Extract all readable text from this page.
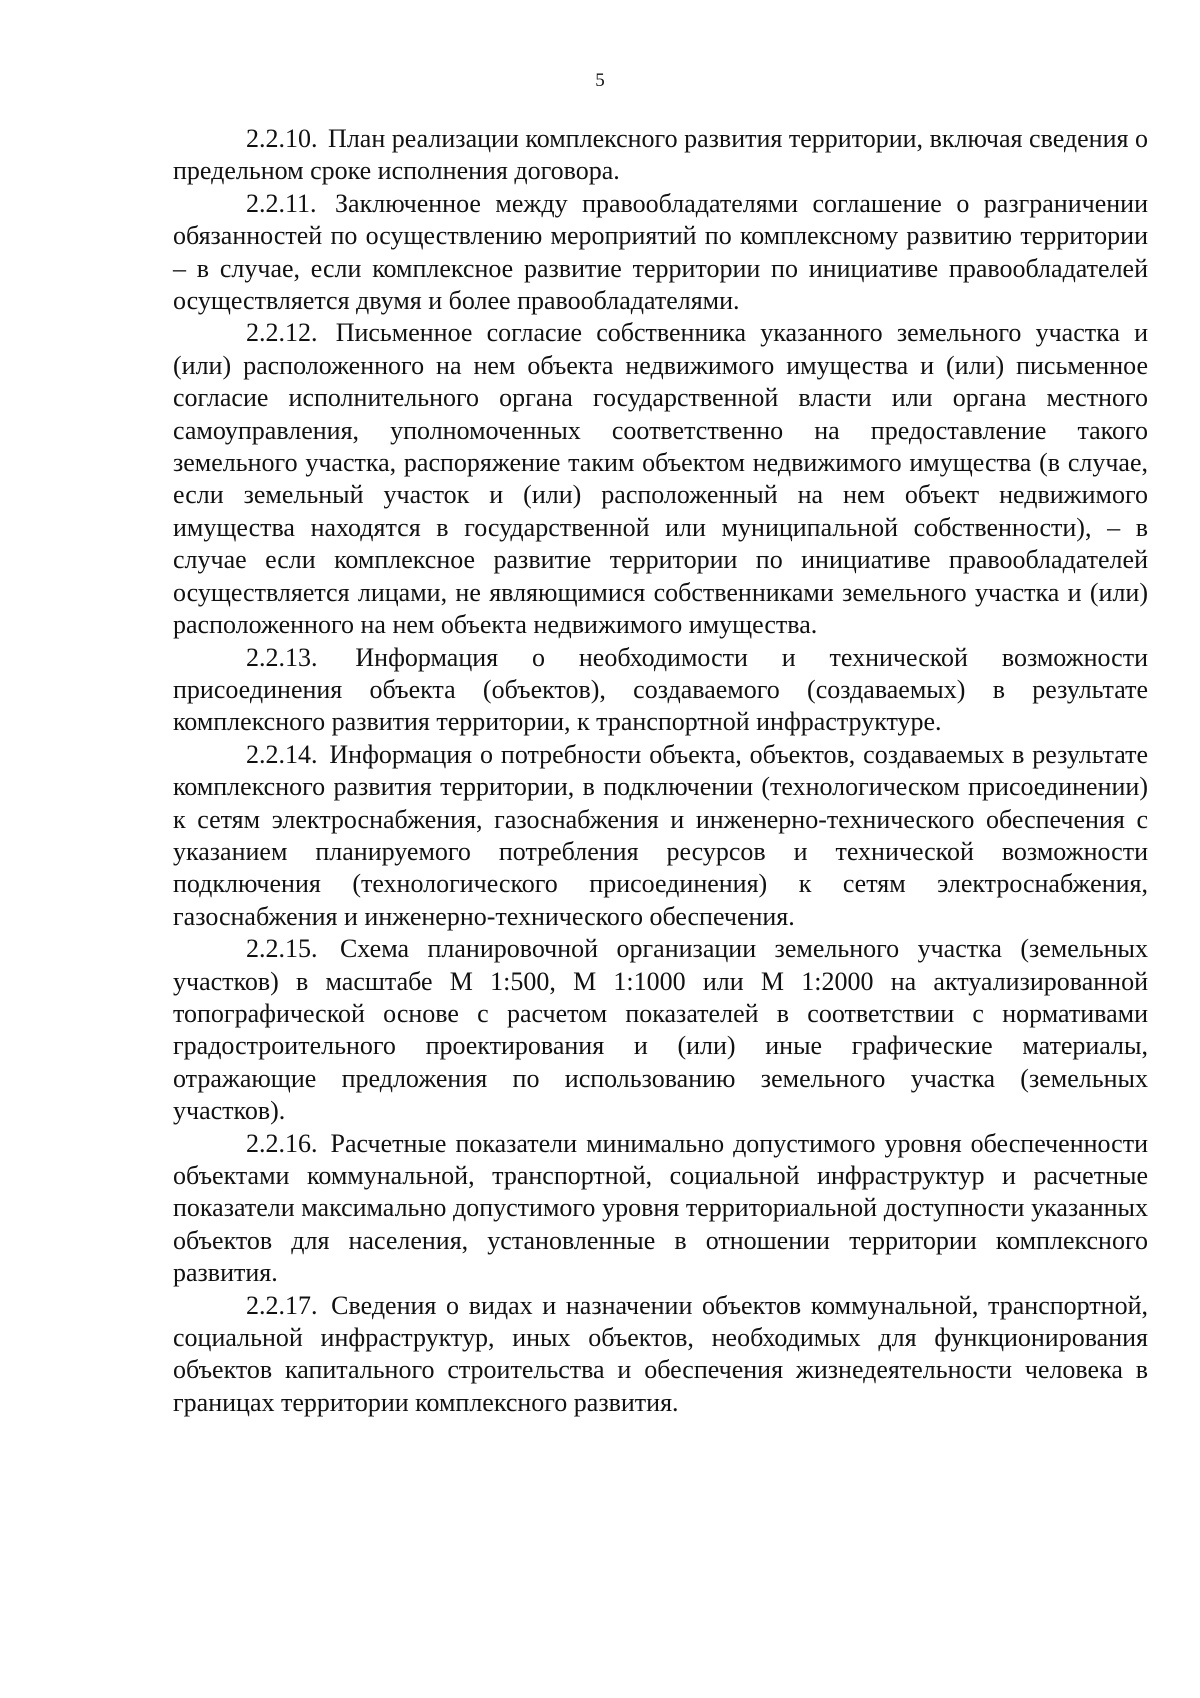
5

2.2.10. План реализации комплексного развития территории, включая сведения о предельном сроке исполнения договора.

2.2.11. Заключенное между правообладателями соглашение о разграничении обязанностей по осуществлению мероприятий по комплексному развитию территории – в случае, если комплексное развитие территории по инициативе правообладателей осуществляется двумя и более правообладателями.

2.2.12. Письменное согласие собственника указанного земельного участка и (или) расположенного на нем объекта недвижимого имущества и (или) письменное согласие исполнительного органа государственной власти или органа местного самоуправления, уполномоченных соответственно на предоставление такого земельного участка, распоряжение таким объектом недвижимого имущества (в случае, если земельный участок и (или) расположенный на нем объект недвижимого имущества находятся в государственной или муниципальной собственности), – в случае если комплексное развитие территории по инициативе правообладателей осуществляется лицами, не являющимися собственниками земельного участка и (или) расположенного на нем объекта недвижимого имущества.

2.2.13. Информация о необходимости и технической возможности присоединения объекта (объектов), создаваемого (создаваемых) в результате комплексного развития территории, к транспортной инфраструктуре.

2.2.14. Информация о потребности объекта, объектов, создаваемых в результате комплексного развития территории, в подключении (технологическом присоединении) к сетям электроснабжения, газоснабжения и инженерно-технического обеспечения с указанием планируемого потребления ресурсов и технической возможности подключения (технологического присоединения) к сетям электроснабжения, газоснабжения и инженерно-технического обеспечения.

2.2.15. Схема планировочной организации земельного участка (земельных участков) в масштабе М 1:500, М 1:1000 или М 1:2000 на актуализированной топографической основе с расчетом показателей в соответствии с нормативами градостроительного проектирования и (или) иные графические материалы, отражающие предложения по использованию земельного участка (земельных участков).

2.2.16. Расчетные показатели минимально допустимого уровня обеспеченности объектами коммунальной, транспортной, социальной инфраструктур и расчетные показатели максимально допустимого уровня территориальной доступности указанных объектов для населения, установленные в отношении территории комплексного развития.

2.2.17. Сведения о видах и назначении объектов коммунальной, транспортной, социальной инфраструктур, иных объектов, необходимых для функционирования объектов капитального строительства и обеспечения жизнедеятельности человека в границах территории комплексного развития.
